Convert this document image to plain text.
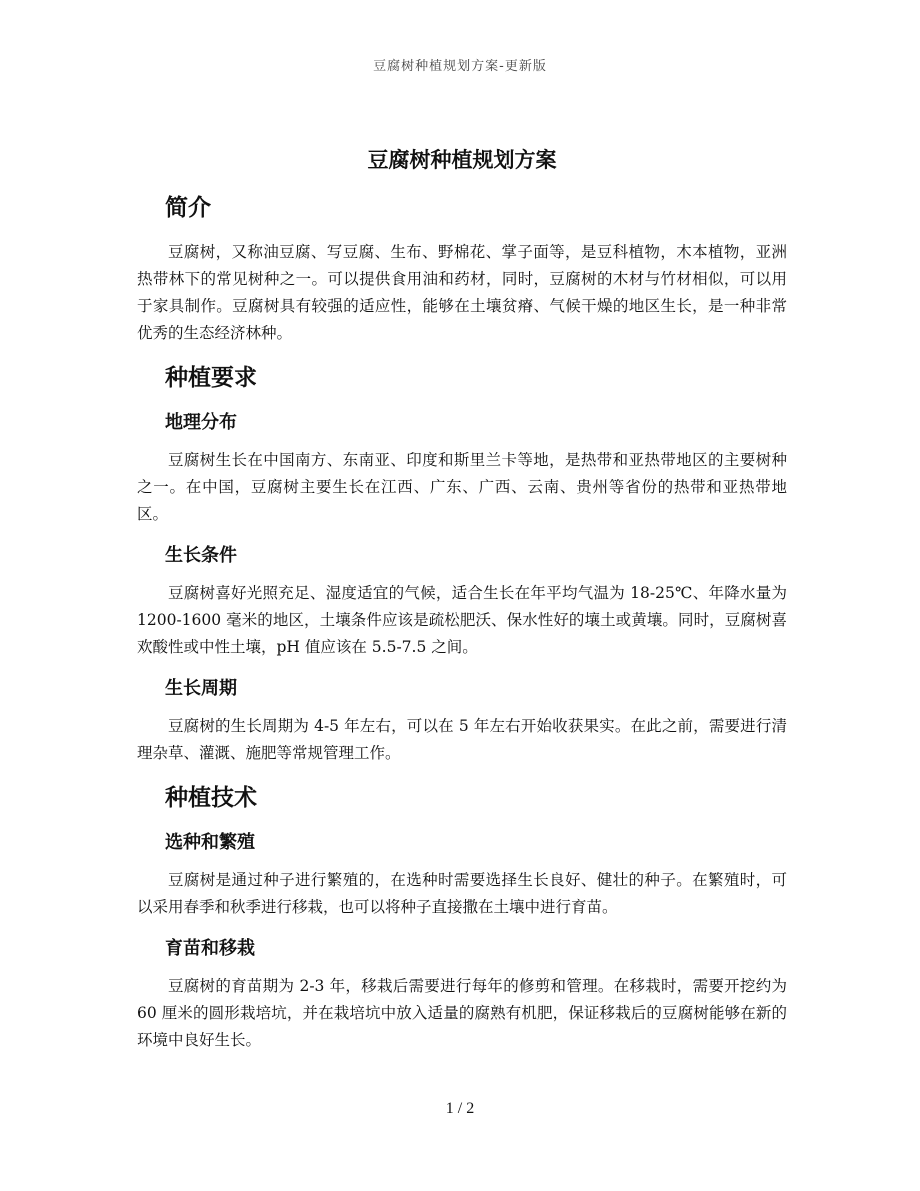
豆腐树种植规划方案-更新版
豆腐树种植规划方案
简介

豆腐树，又称油豆腐、写豆腐、生布、野棉花、掌子面等，是豆科植物，木本植物，亚洲热带林下的常见树种之一。可以提供食用油和药材，同时，豆腐树的木材与竹材相似，可以用于家具制作。豆腐树具有较强的适应性，能够在土壤贫瘠、气候干燥的地区生长，是一种非常优秀的生态经济林种。

种植要求
地理分布

豆腐树生长在中国南方、东南亚、印度和斯里兰卡等地，是热带和亚热带地区的主要树种之一。在中国，豆腐树主要生长在江西、广东、广西、云南、贵州等省份的热带和亚热带地区。

生长条件

豆腐树喜好光照充足、湿度适宜的气候，适合生长在年平均气温为 18-25℃、年降水量为 1200-1600 毫米的地区，土壤条件应该是疏松肥沃、保水性好的壤土或黄壤。同时，豆腐树喜欢酸性或中性土壤，pH 值应该在 5.5-7.5 之间。

生长周期

豆腐树的生长周期为 4-5 年左右，可以在 5 年左右开始收获果实。在此之前，需要进行清理杂草、灌溉、施肥等常规管理工作。

种植技术
选种和繁殖

豆腐树是通过种子进行繁殖的，在选种时需要选择生长良好、健壮的种子。在繁殖时，可以采用春季和秋季进行移栽，也可以将种子直接撒在土壤中进行育苗。

育苗和移栽

豆腐树的育苗期为 2-3 年，移栽后需要进行每年的修剪和管理。在移栽时，需要开挖约为 60 厘米的圆形栽培坑，并在栽培坑中放入适量的腐熟有机肥，保证移栽后的豆腐树能够在新的环境中良好生长。

1 / 2
